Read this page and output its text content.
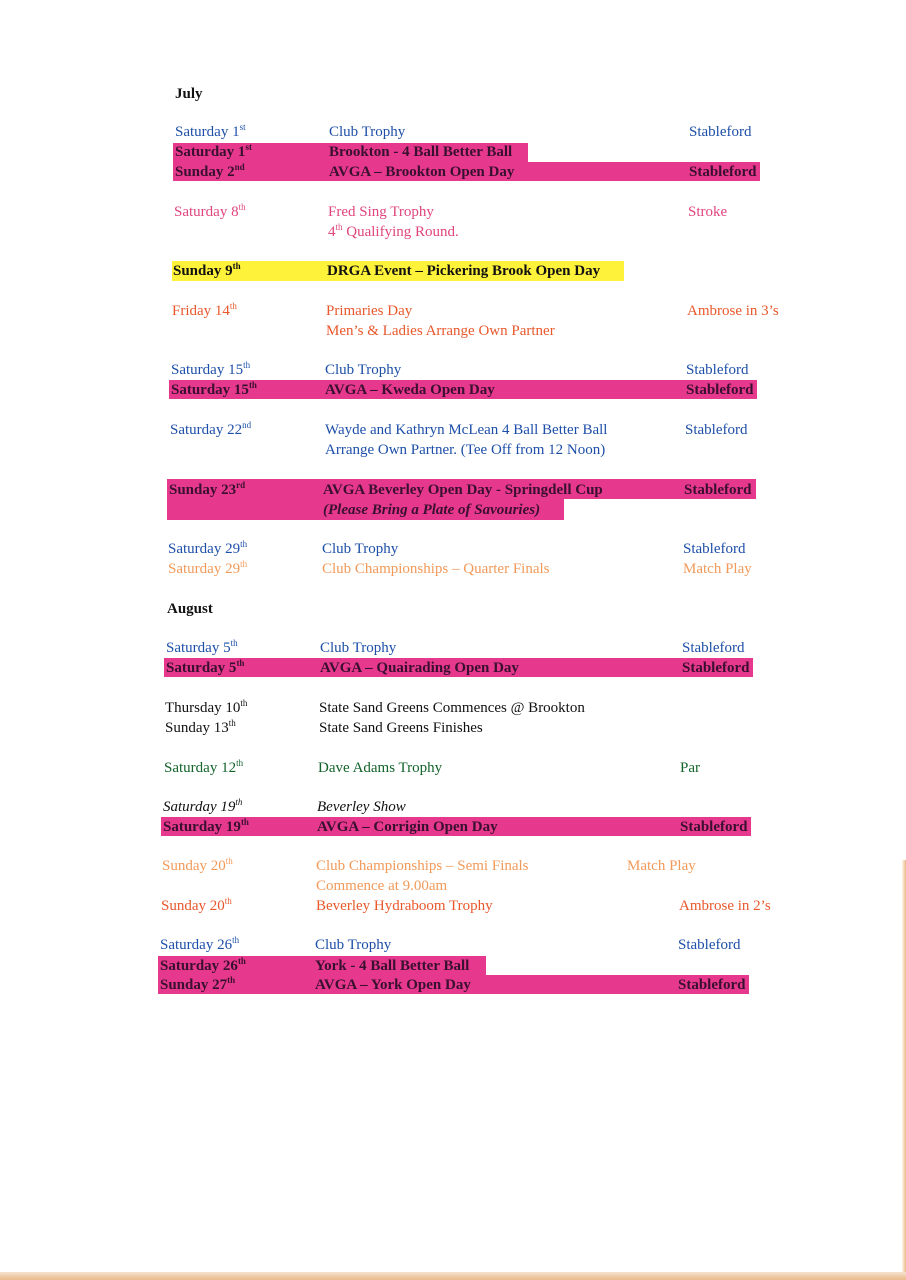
July
Saturday 1st	Club Trophy	Stableford
Saturday 1st	Brookton - 4 Ball Better Ball
Sunday 2nd	AVGA – Brookton Open Day	Stableford
Saturday 8th	Fred Sing Trophy	Stroke
4th Qualifying Round.
Sunday 9th	DRGA Event – Pickering Brook Open Day
Friday 14th	Primaries Day	Ambrose in 3’s
Men’s & Ladies Arrange Own Partner
Saturday 15th	Club Trophy	Stableford
Saturday 15th	AVGA – Kweda Open Day	Stableford
Saturday 22nd	Wayde and Kathryn McLean 4 Ball Better Ball	Stableford
Arrange Own Partner. (Tee Off from 12 Noon)
Sunday 23rd	AVGA Beverley Open Day - Springdell Cup	Stableford
(Please Bring a Plate of Savouries)
Saturday 29th	Club Trophy	Stableford
Saturday 29th	Club Championships – Quarter Finals	Match Play
August
Saturday 5th	Club Trophy	Stableford
Saturday 5th	AVGA – Quairading Open Day	Stableford
Thursday 10th	State Sand Greens Commences @ Brookton
Sunday 13th	State Sand Greens Finishes
Saturday 12th	Dave Adams Trophy	Par
Saturday 19th	Beverley Show
Saturday 19th	AVGA – Corrigin Open Day	Stableford
Sunday 20th	Club Championships – Semi Finals	Match Play
Commence at 9.00am
Sunday 20th	Beverley Hydraboom Trophy	Ambrose in 2’s
Saturday 26th	Club Trophy	Stableford
Saturday 26th	York - 4 Ball Better Ball
Sunday 27th	AVGA – York Open Day	Stableford
